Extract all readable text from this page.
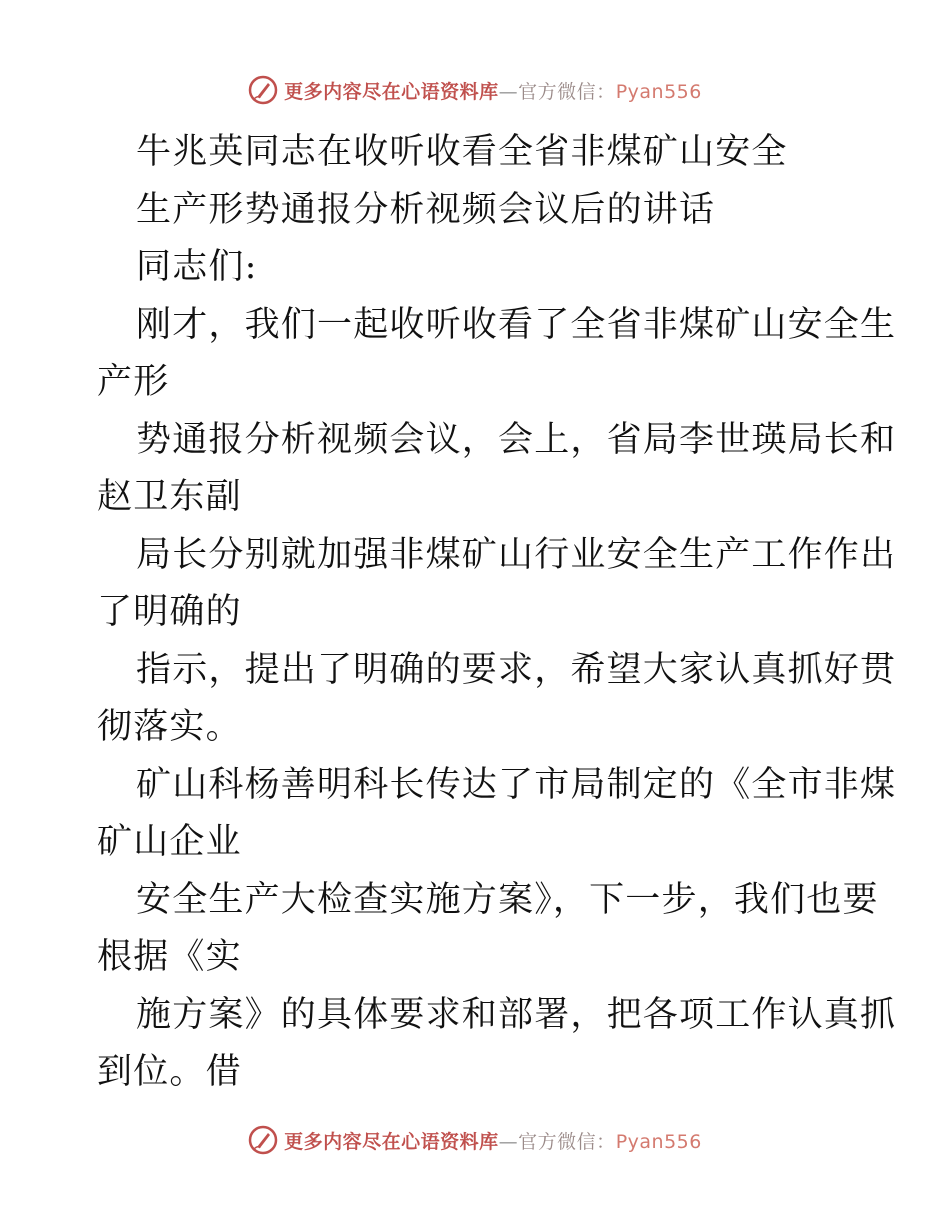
更多内容尽在心语资料库—官方微信：Pyan556
牛兆英同志在收听收看全省非煤矿山安全
生产形势通报分析视频会议后的讲话
同志们:
刚才，我们一起收听收看了全省非煤矿山安全生
产形
势通报分析视频会议，会上，省局李世瑛局长和
赵卫东副
局长分别就加强非煤矿山行业安全生产工作作出
了明确的
指示，提出了明确的要求，希望大家认真抓好贯
彻落实。
矿山科杨善明科长传达了市局制定的《全市非煤
矿山企业
安全生产大检查实施方案》，下一步，我们也要
根据《实
施方案》的具体要求和部署，把各项工作认真抓
到位。借
更多内容尽在心语资料库—官方微信：Pyan556
